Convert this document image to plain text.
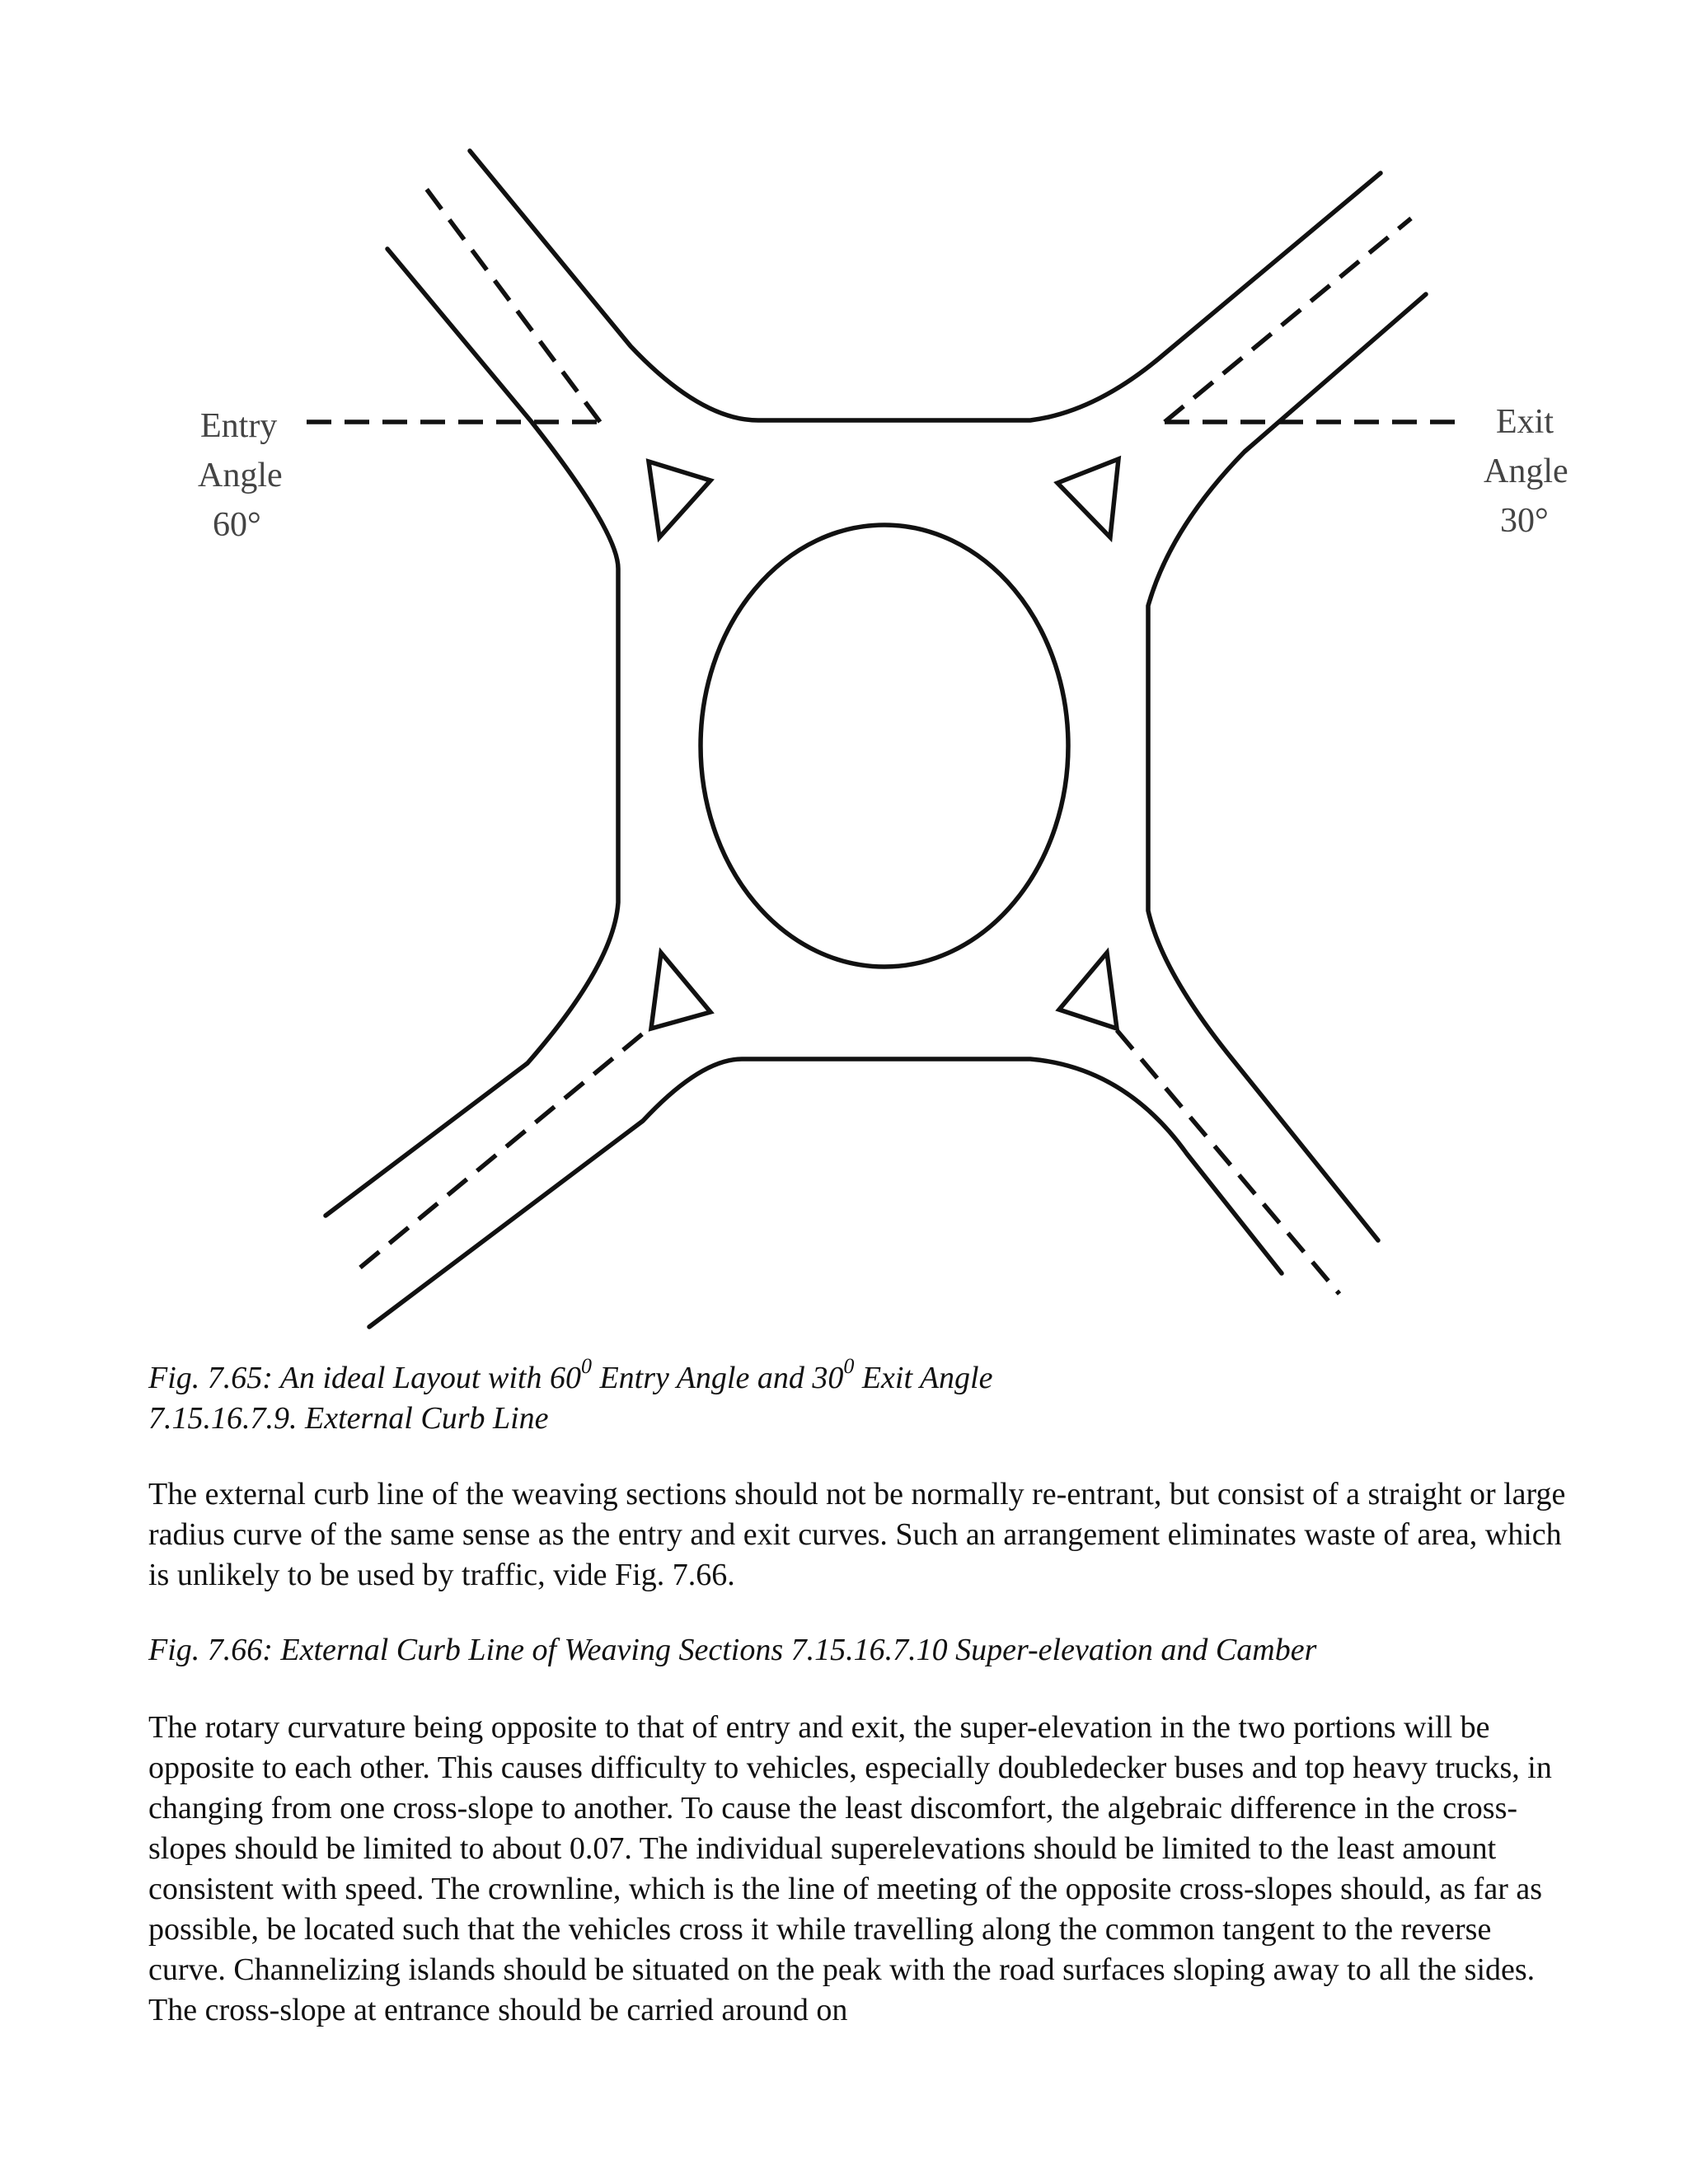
Entry Angle 60°
Exit Angle 30°

Fig. 7.65: An ideal Layout with $60^0$ Entry Angle and $30^0$ Exit Angle

7.15.16.7.9. External Curb Line

The external curb line of the weaving sections should not be normally re-entrant, but consist of a straight or large radius curve of the same sense as the entry and exit curves. Such an arrangement eliminates waste of area, which is unlikely to be used by traffic, vide Fig. 7.66.

Fig. 7.66: External Curb Line of Weaving Sections 7.15.16.7.10 Super-elevation and Camber

The rotary curvature being opposite to that of entry and exit, the super-elevation in the two portions will be opposite to each other. This causes difficulty to vehicles, especially doubledecker buses and top heavy trucks, in changing from one cross-slope to another. To cause the least discomfort, the algebraic difference in the cross-slopes should be limited to about 0.07. The individual superelevations should be limited to the least amount consistent with speed. The crownline, which is the line of meeting of the opposite cross-slopes should, as far as possible, be located such that the vehicles cross it while travelling along the common tangent to the reverse curve. Channelizing islands should be situated on the peak with the road surfaces sloping away to all the sides. The cross-slope at entrance should be carried around on
